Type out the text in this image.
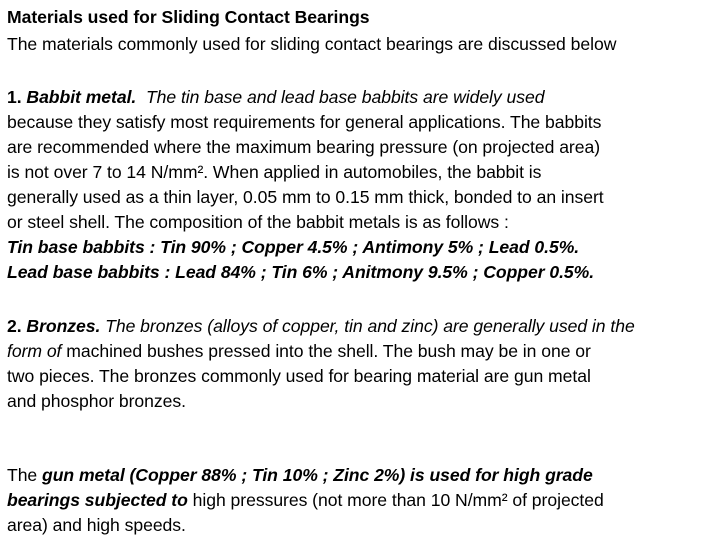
Materials used for Sliding Contact Bearings
The materials commonly used for sliding contact bearings are discussed below
1. Babbit metal. The tin base and lead base babbits are widely used
because they satisfy most requirements for general applications. The babbits
are recommended where the maximum bearing pressure (on projected area)
is not over 7 to 14 N/mm². When applied in automobiles, the babbit is
generally used as a thin layer, 0.05 mm to 0.15 mm thick, bonded to an insert
or steel shell. The composition of the babbit metals is as follows :
Tin base babbits : Tin 90% ; Copper 4.5% ; Antimony 5% ; Lead 0.5%.
Lead base babbits : Lead 84% ; Tin 6% ; Anitmony 9.5% ; Copper 0.5%.
2. Bronzes. The bronzes (alloys of copper, tin and zinc) are generally used in the
form of machined bushes pressed into the shell. The bush may be in one or
two pieces. The bronzes commonly used for bearing material are gun metal
and phosphor bronzes.
The gun metal (Copper 88% ; Tin 10% ; Zinc 2%) is used for high grade
bearings subjected to high pressures (not more than 10 N/mm² of projected
area) and high speeds.
